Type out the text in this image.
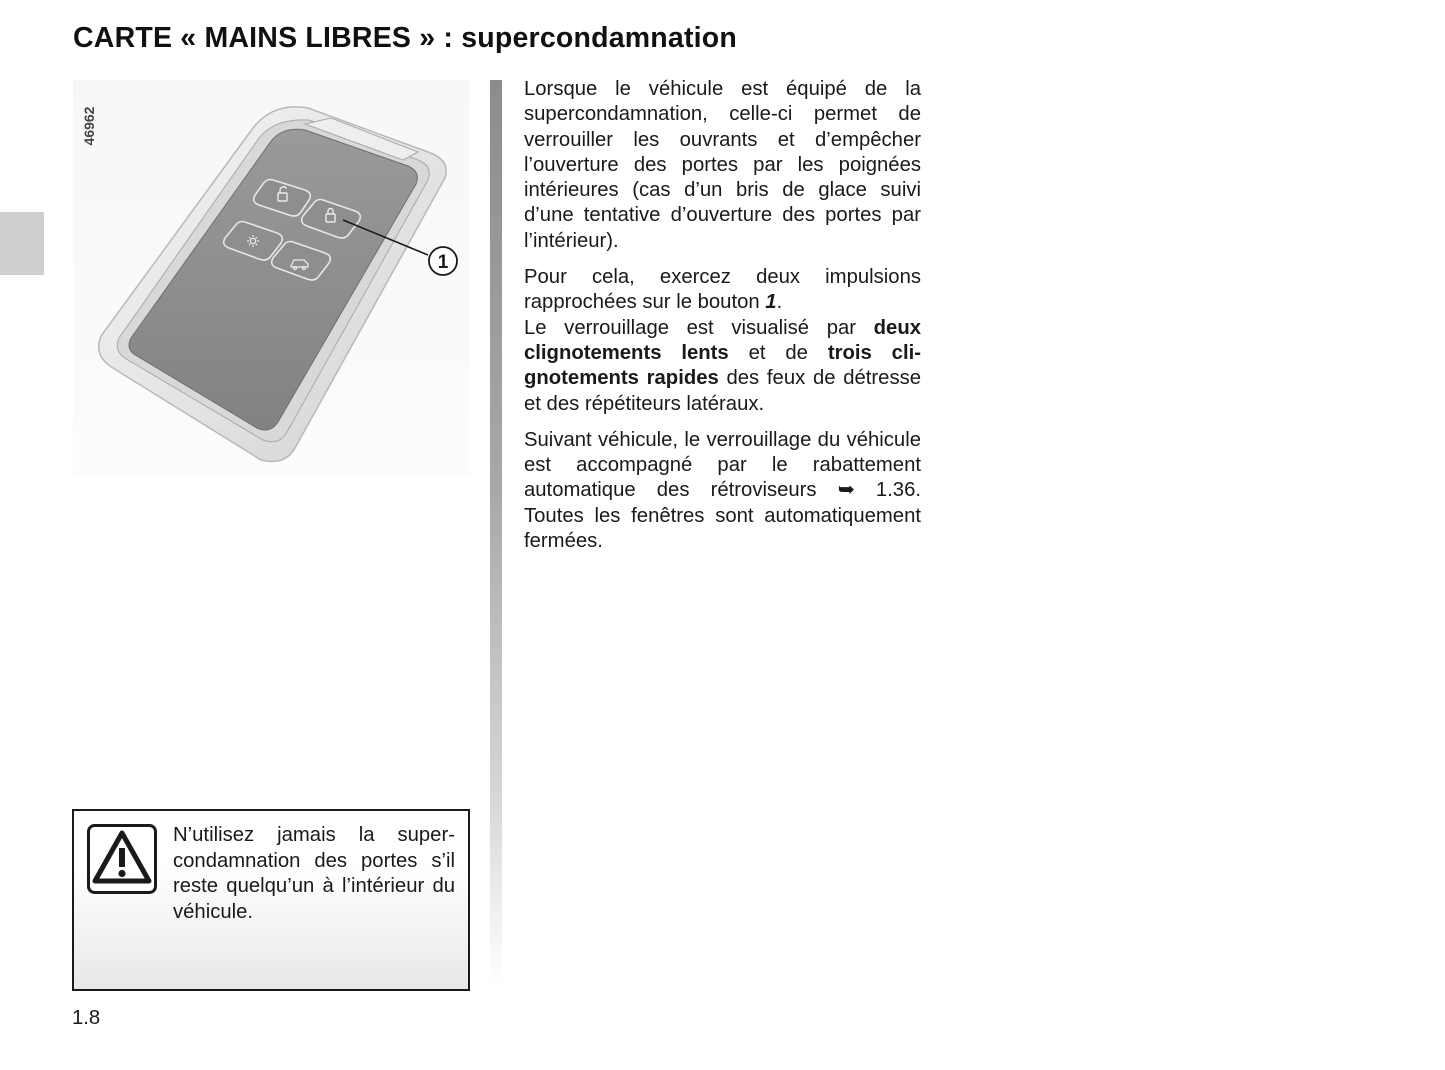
CARTE « MAINS LIBRES » : supercondamnation
1
46962

Lorsque le véhicule est équipé de la supercondamnation, celle-ci permet de verrouiller les ouvrants et d’empêcher l’ouverture des portes par les poignées intérieures (cas d’un bris de glace suivi d’une tentative d’ouverture des portes par l’intérieur).

Pour cela, exercez deux impulsions rapprochées sur le bouton 1.
Le verrouillage est visualisé par deux clignotements lents et de trois clignotements rapides des feux de détresse et des répétiteurs latéraux.

Suivant véhicule, le verrouillage du véhicule est accompagné par le rabattement automatique des rétroviseurs ➥ 1.36. Toutes les fenêtres sont automatiquement fermées.

N’utilisez jamais la supercondamnation des portes s’il reste quelqu’un à l’intérieur du véhicule.
1.8
